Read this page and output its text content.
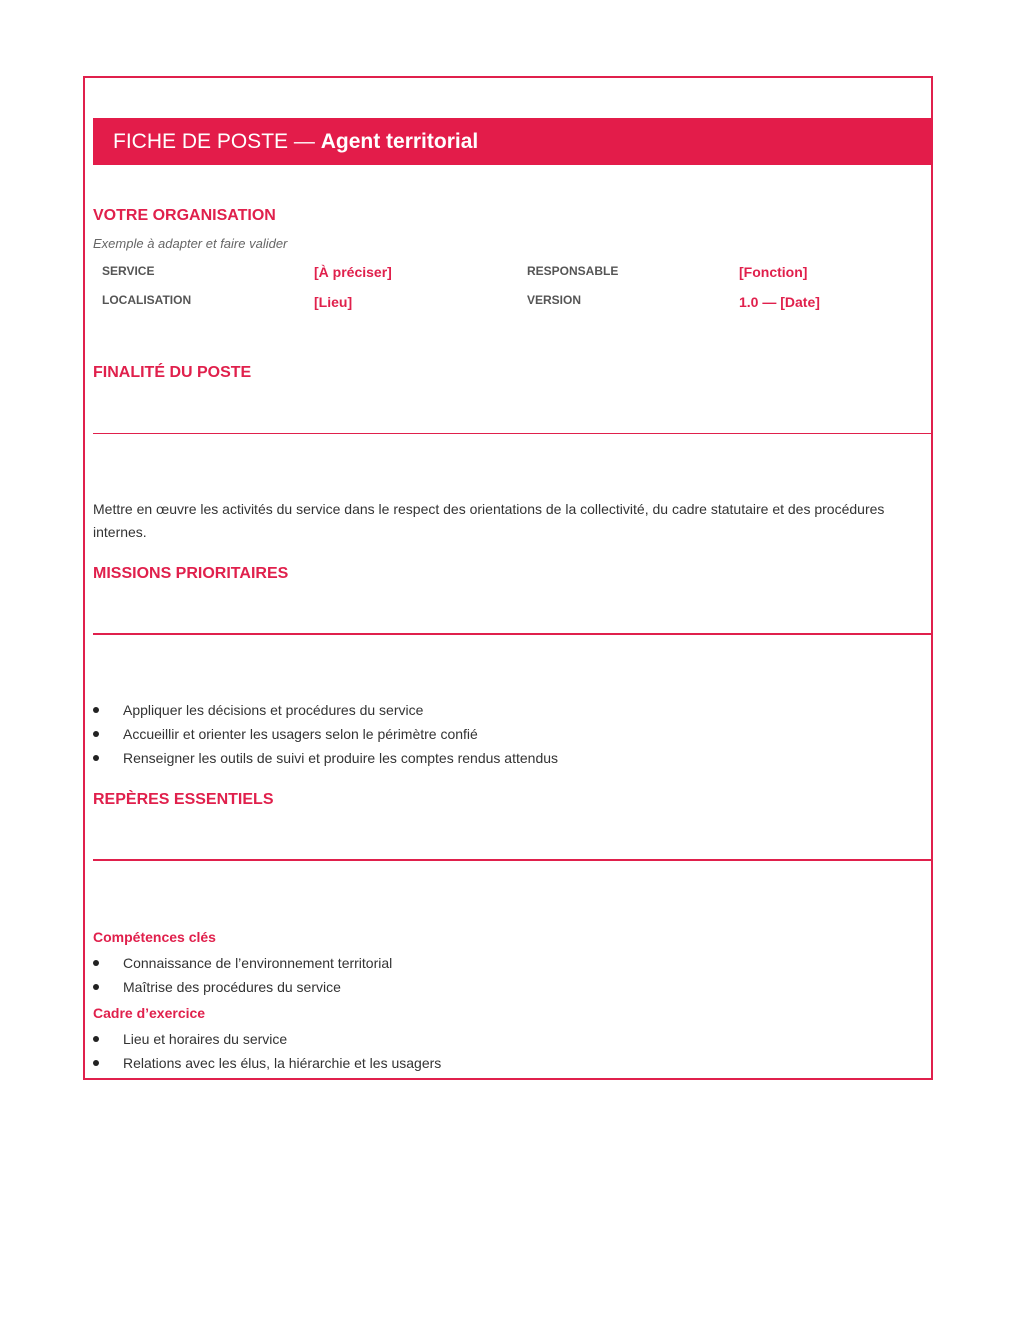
FICHE DE POSTE — Agent territorial
VOTRE ORGANISATION
Exemple à adapter et faire valider
SERVICE	[À préciser]	RESPONSABLE	[Fonction]
LOCALISATION	[Lieu]	VERSION	1.0 — [Date]
FINALITÉ DU POSTE
Mettre en œuvre les activités du service dans le respect des orientations de la collectivité, du cadre statutaire et des procédures internes.
MISSIONS PRIORITAIRES
Appliquer les décisions et procédures du service
Accueillir et orienter les usagers selon le périmètre confié
Renseigner les outils de suivi et produire les comptes rendus attendus
REPÈRES ESSENTIELS
Compétences clés
Connaissance de l’environnement territorial
Maîtrise des procédures du service
Cadre d’exercice
Lieu et horaires du service
Relations avec les élus, la hiérarchie et les usagers
